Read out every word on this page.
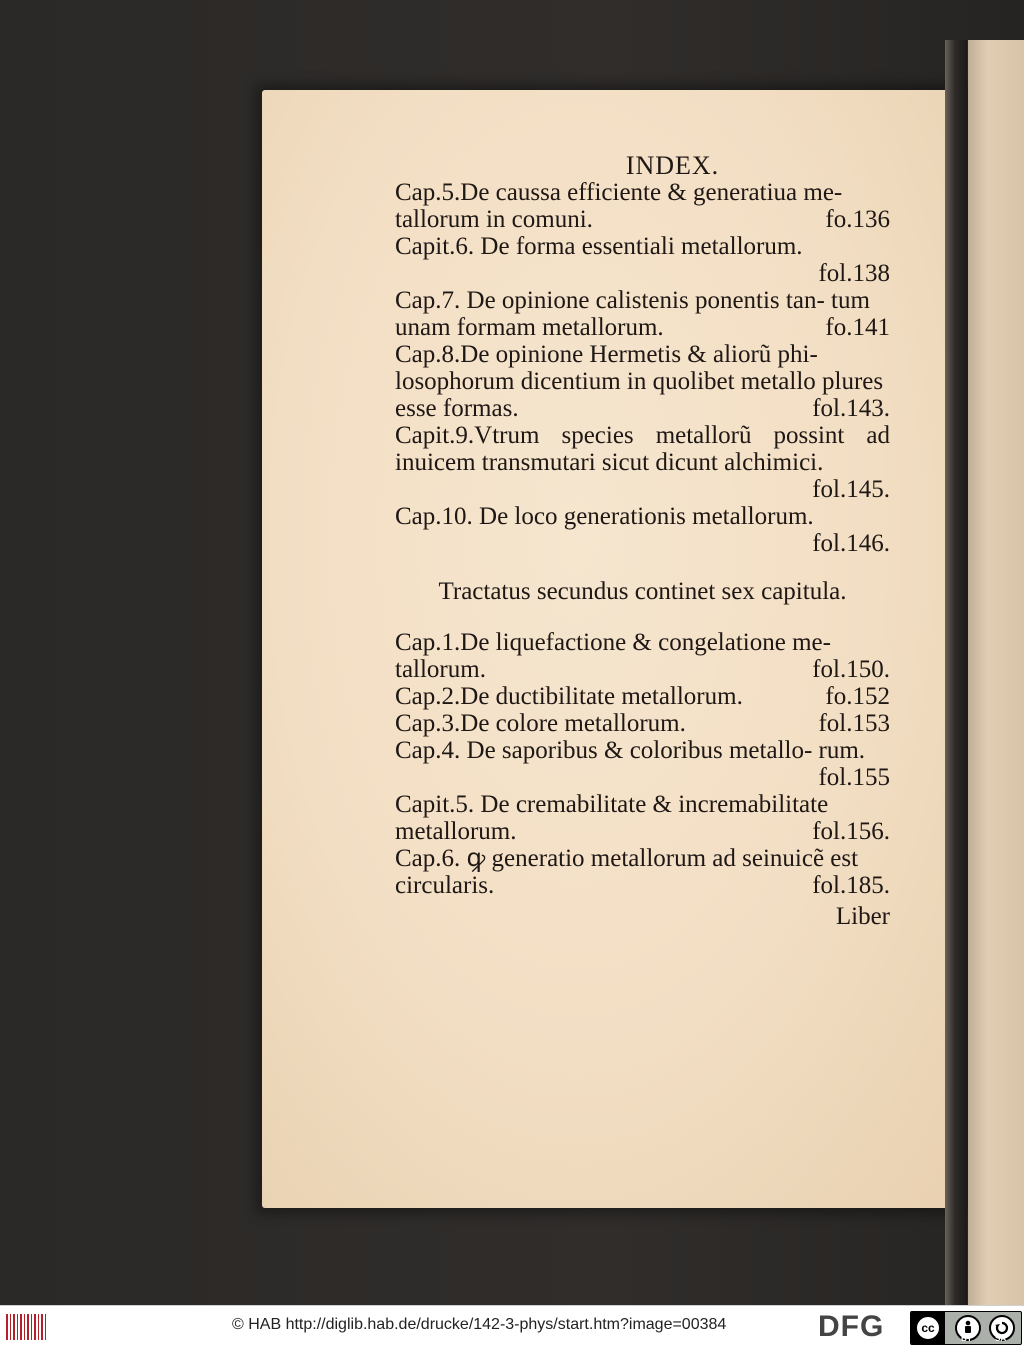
INDEX.
Cap.5.De caussa efficiente & generatiua me- tallorum in comuni.	fo.136
Capit.6. De forma essentiali metallorum.
fol.138
Cap.7. De opinione calistenis ponentis tan- tum unam formam metallorum.	fo.141
Cap.8.De opinione Hermetis & aliorũ phi- losophorum dicentium in quolibet metallo plures esse formas.	fol.143.
Capit.9.Vtrum species metallorũ possint ad inuicem transmutari sicut dicunt alchimici.
fol.145.
Cap.10. De loco generationis metallorum.
fol.146.
Tractatus secundus continet sex capitula.
Cap.1.De liquefactione & congelatione me- tallorum.	fol.150.
Cap.2.De ductibilitate metallorum.	fo.152
Cap.3.De colore metallorum.	fol.153
Cap.4. De saporibus & coloribus metallo- rum.
fol.155
Capit.5. De cremabilitate & incremabilitate metallorum.	fol.156.
Cap.6. ꝙ generatio metallorum ad seinuicẽ est circularis.	fol.185.
Liber
© HAB http://diglib.hab.de/drucke/142-3-phys/start.htm?image=00384	DFG	cc
BY	SA
